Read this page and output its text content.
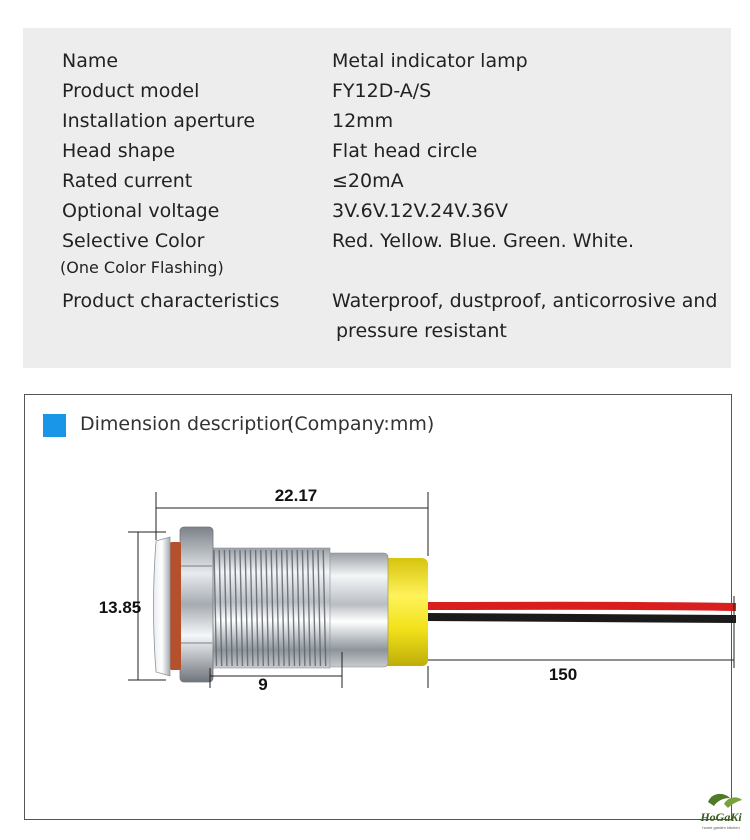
Name	Metal indicator lamp
Product model	FY12D-A/S
Installation aperture	12mm
Head shape	Flat head circle
Rated current	≤20mA
Optional voltage	3V.6V.12V.24V.36V
Selective Color	Red. Yellow. Blue. Green. White.
(One Color Flashing)
Product characteristics	Waterproof, dustproof, anticorrosive and
pressure resistant
Dimension description
(Company:mm)
22.17
13.85
9
150
HoGaKi
home garden kitchen
